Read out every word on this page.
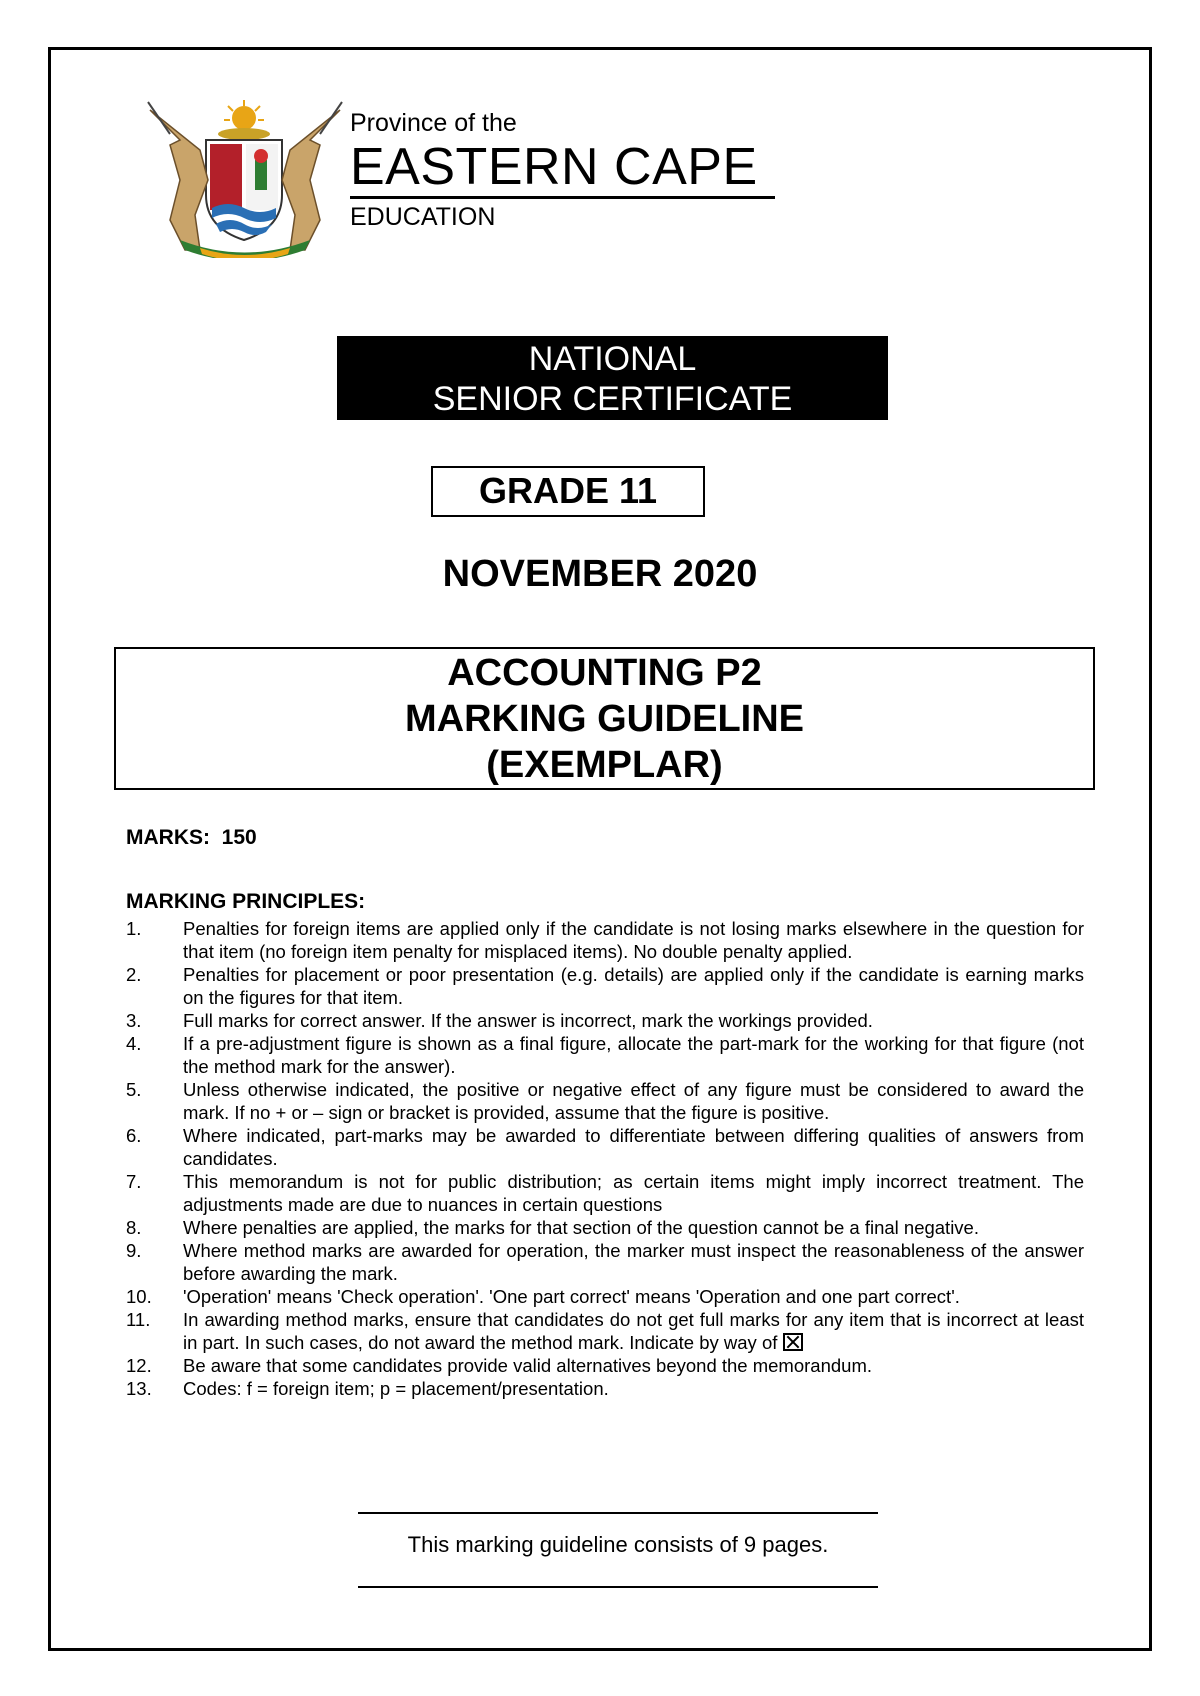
Province of the
EASTERN CAPE
EDUCATION
NATIONAL
SENIOR CERTIFICATE
GRADE 11
NOVEMBER 2020
ACCOUNTING P2
MARKING GUIDELINE
(EXEMPLAR)
MARKS:  150
MARKING PRINCIPLES:
1.	Penalties for foreign items are applied only if the candidate is not losing marks elsewhere in the question for that item (no foreign item penalty for misplaced items). No double penalty applied.
2.	Penalties for placement or poor presentation (e.g. details) are applied only if the candidate is earning marks on the figures for that item.
3.	Full marks for correct answer. If the answer is incorrect, mark the workings provided.
4.	If a pre-adjustment figure is shown as a final figure, allocate the part-mark for the working for that figure (not the method mark for the answer).
5.	Unless otherwise indicated, the positive or negative effect of any figure must be considered to award the mark. If no + or – sign or bracket is provided, assume that the figure is positive.
6.	Where indicated, part-marks may be awarded to differentiate between differing qualities of answers from candidates.
7.	This memorandum is not for public distribution; as certain items might imply incorrect treatment. The adjustments made are due to nuances in certain questions
8.	Where penalties are applied, the marks for that section of the question cannot be a final negative.
9.	Where method marks are awarded for operation, the marker must inspect the reasonableness of the answer before awarding the mark.
10.	'Operation' means 'Check operation'. 'One part correct' means 'Operation and one part correct'.
11.	In awarding method marks, ensure that candidates do not get full marks for any item that is incorrect at least in part. In such cases, do not award the method mark. Indicate by way of
12.	Be aware that some candidates provide valid alternatives beyond the memorandum.
13.	Codes: f = foreign item; p = placement/presentation.
This marking guideline consists of 9 pages.
